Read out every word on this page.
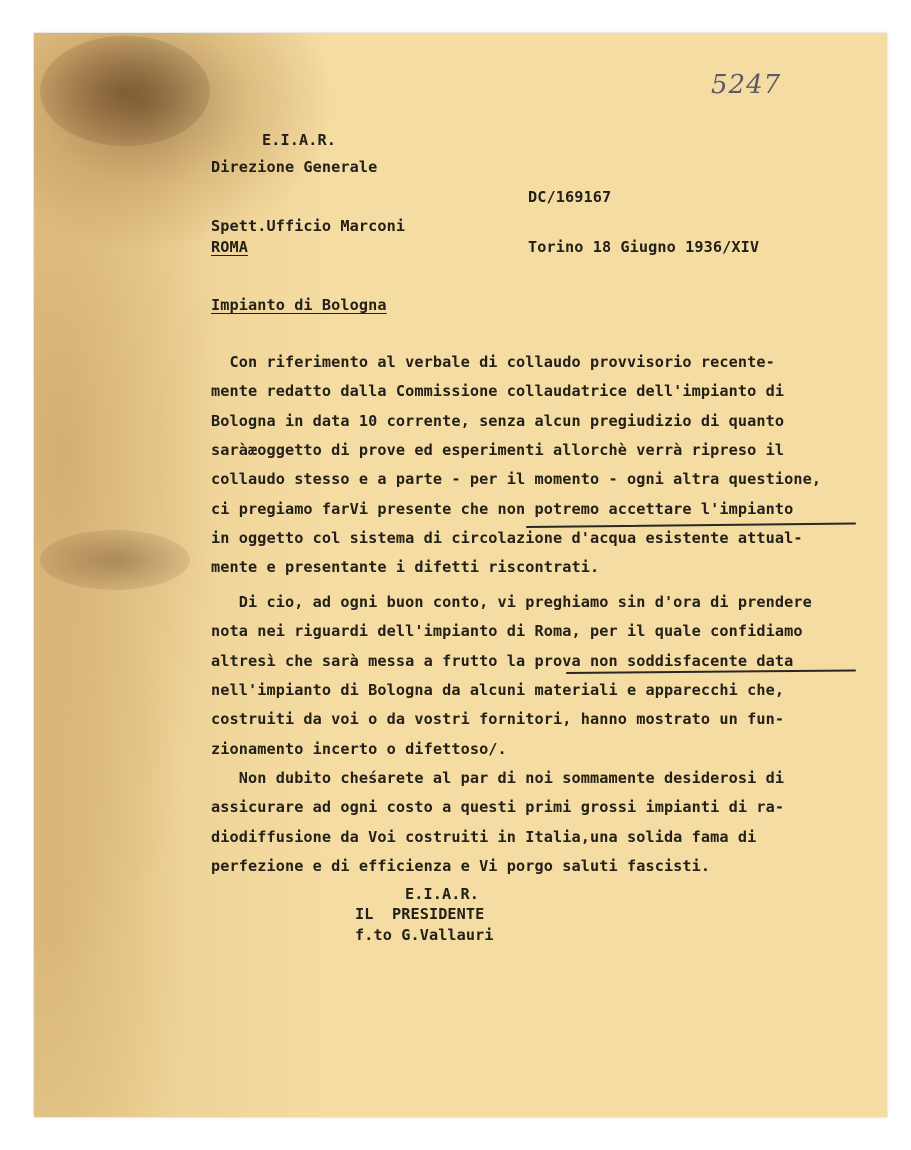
5247
E.I.A.R.
Direzione Generale
DC/169167
Spett.Ufficio Marconi
ROMA	Torino 18 Giugno 1936/XIV
Impianto di Bologna
Con riferimento al verbale di collaudo provvisorio recente-
mente redatto dalla Commissione collaudatrice dell'impianto di
Bologna in data 10 corrente, senza alcun pregiudizio di quanto
saràæoggetto di prove ed esperimenti allorchè verrà ripreso il
collaudo stesso e a parte - per il momento - ogni altra questione,
ci pregiamo farVi presente che non potremo accettare l'impianto
in oggetto col sistema di circolazione d'acqua esistente attual-
mente e presentante i difetti riscontrati.
Di cio, ad ogni buon conto, vi preghiamo sin d'ora di prendere
nota nei riguardi dell'impianto di Roma, per il quale confidiamo
altresì che sarà messa a frutto la prova non soddisfacente data
nell'impianto di Bologna da alcuni materiali e apparecchi che,
costruiti da voi o da vostri fornitori, hanno mostrato un fun-
zionamento incerto o difettoso/.
Non dubito cheśarete al par di noi sommamente desiderosi di
assicurare ad ogni costo a questi primi grossi impianti di ra-
diodiffusione da Voi costruiti in Italia,una solida fama di
perfezione e di efficienza e Vi porgo saluti fascisti.
E.I.A.R.
IL  PRESIDENTE
f.to G.Vallauri
